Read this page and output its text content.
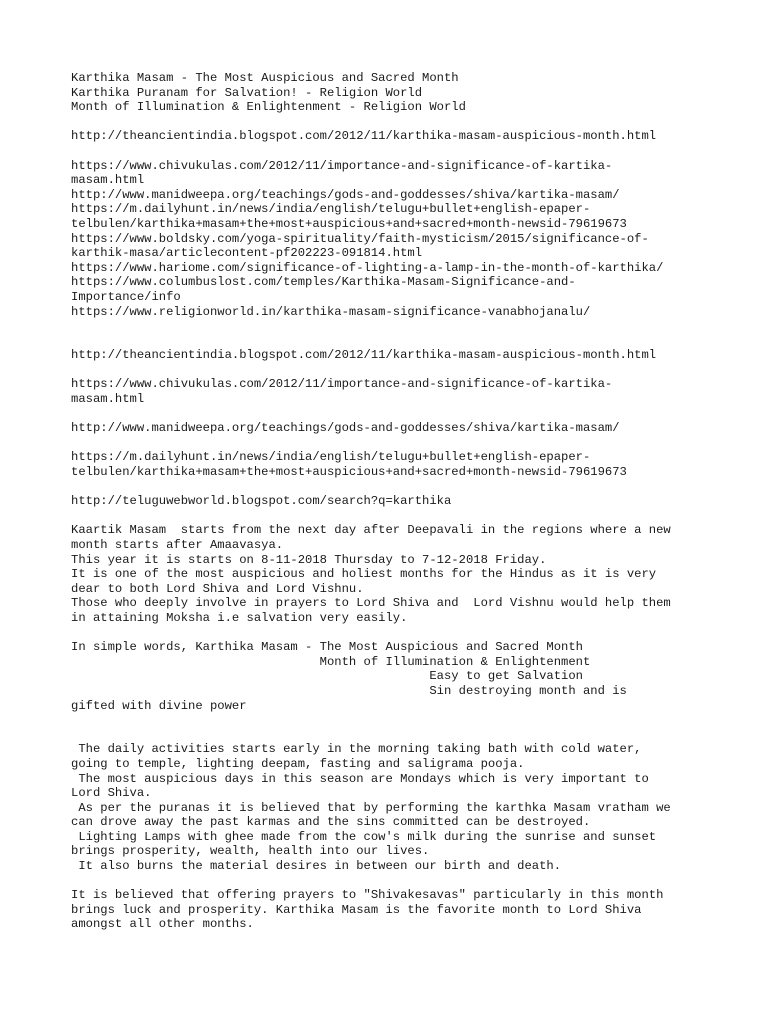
Karthika Masam - The Most Auspicious and Sacred Month
Karthika Puranam for Salvation! - Religion World
Month of Illumination & Enlightenment - Religion World
http://theancientindia.blogspot.com/2012/11/karthika-masam-auspicious-month.html
https://www.chivukulas.com/2012/11/importance-and-significance-of-kartika-
masam.html
http://www.manidweepa.org/teachings/gods-and-goddesses/shiva/kartika-masam/
https://m.dailyhunt.in/news/india/english/telugu+bullet+english-epaper-
telbulen/karthika+masam+the+most+auspicious+and+sacred+month-newsid-79619673
https://www.boldsky.com/yoga-spirituality/faith-mysticism/2015/significance-of-
karthik-masa/articlecontent-pf202223-091814.html
https://www.hariome.com/significance-of-lighting-a-lamp-in-the-month-of-karthika/
https://www.columbuslost.com/temples/Karthika-Masam-Significance-and-
Importance/info
https://www.religionworld.in/karthika-masam-significance-vanabhojanalu/
http://theancientindia.blogspot.com/2012/11/karthika-masam-auspicious-month.html
https://www.chivukulas.com/2012/11/importance-and-significance-of-kartika-
masam.html
http://www.manidweepa.org/teachings/gods-and-goddesses/shiva/kartika-masam/
https://m.dailyhunt.in/news/india/english/telugu+bullet+english-epaper-
telbulen/karthika+masam+the+most+auspicious+and+sacred+month-newsid-79619673
http://teluguwebworld.blogspot.com/search?q=karthika
Kaartik Masam  starts from the next day after Deepavali in the regions where a new
month starts after Amaavasya.
This year it is starts on 8-11-2018 Thursday to 7-12-2018 Friday.
It is one of the most auspicious and holiest months for the Hindus as it is very
dear to both Lord Shiva and Lord Vishnu.
Those who deeply involve in prayers to Lord Shiva and  Lord Vishnu would help them
in attaining Moksha i.e salvation very easily.
In simple words, Karthika Masam - The Most Auspicious and Sacred Month
Month of Illumination & Enlightenment
Easy to get Salvation
Sin destroying month and is
gifted with divine power
The daily activities starts early in the morning taking bath with cold water,
going to temple, lighting deepam, fasting and saligrama pooja.
The most auspicious days in this season are Mondays which is very important to
Lord Shiva.
As per the puranas it is believed that by performing the karthka Masam vratham we
can drove away the past karmas and the sins committed can be destroyed.
Lighting Lamps with ghee made from the cow's milk during the sunrise and sunset
brings prosperity, wealth, health into our lives.
It also burns the material desires in between our birth and death.
It is believed that offering prayers to "Shivakesavas" particularly in this month
brings luck and prosperity. Karthika Masam is the favorite month to Lord Shiva
amongst all other months.
